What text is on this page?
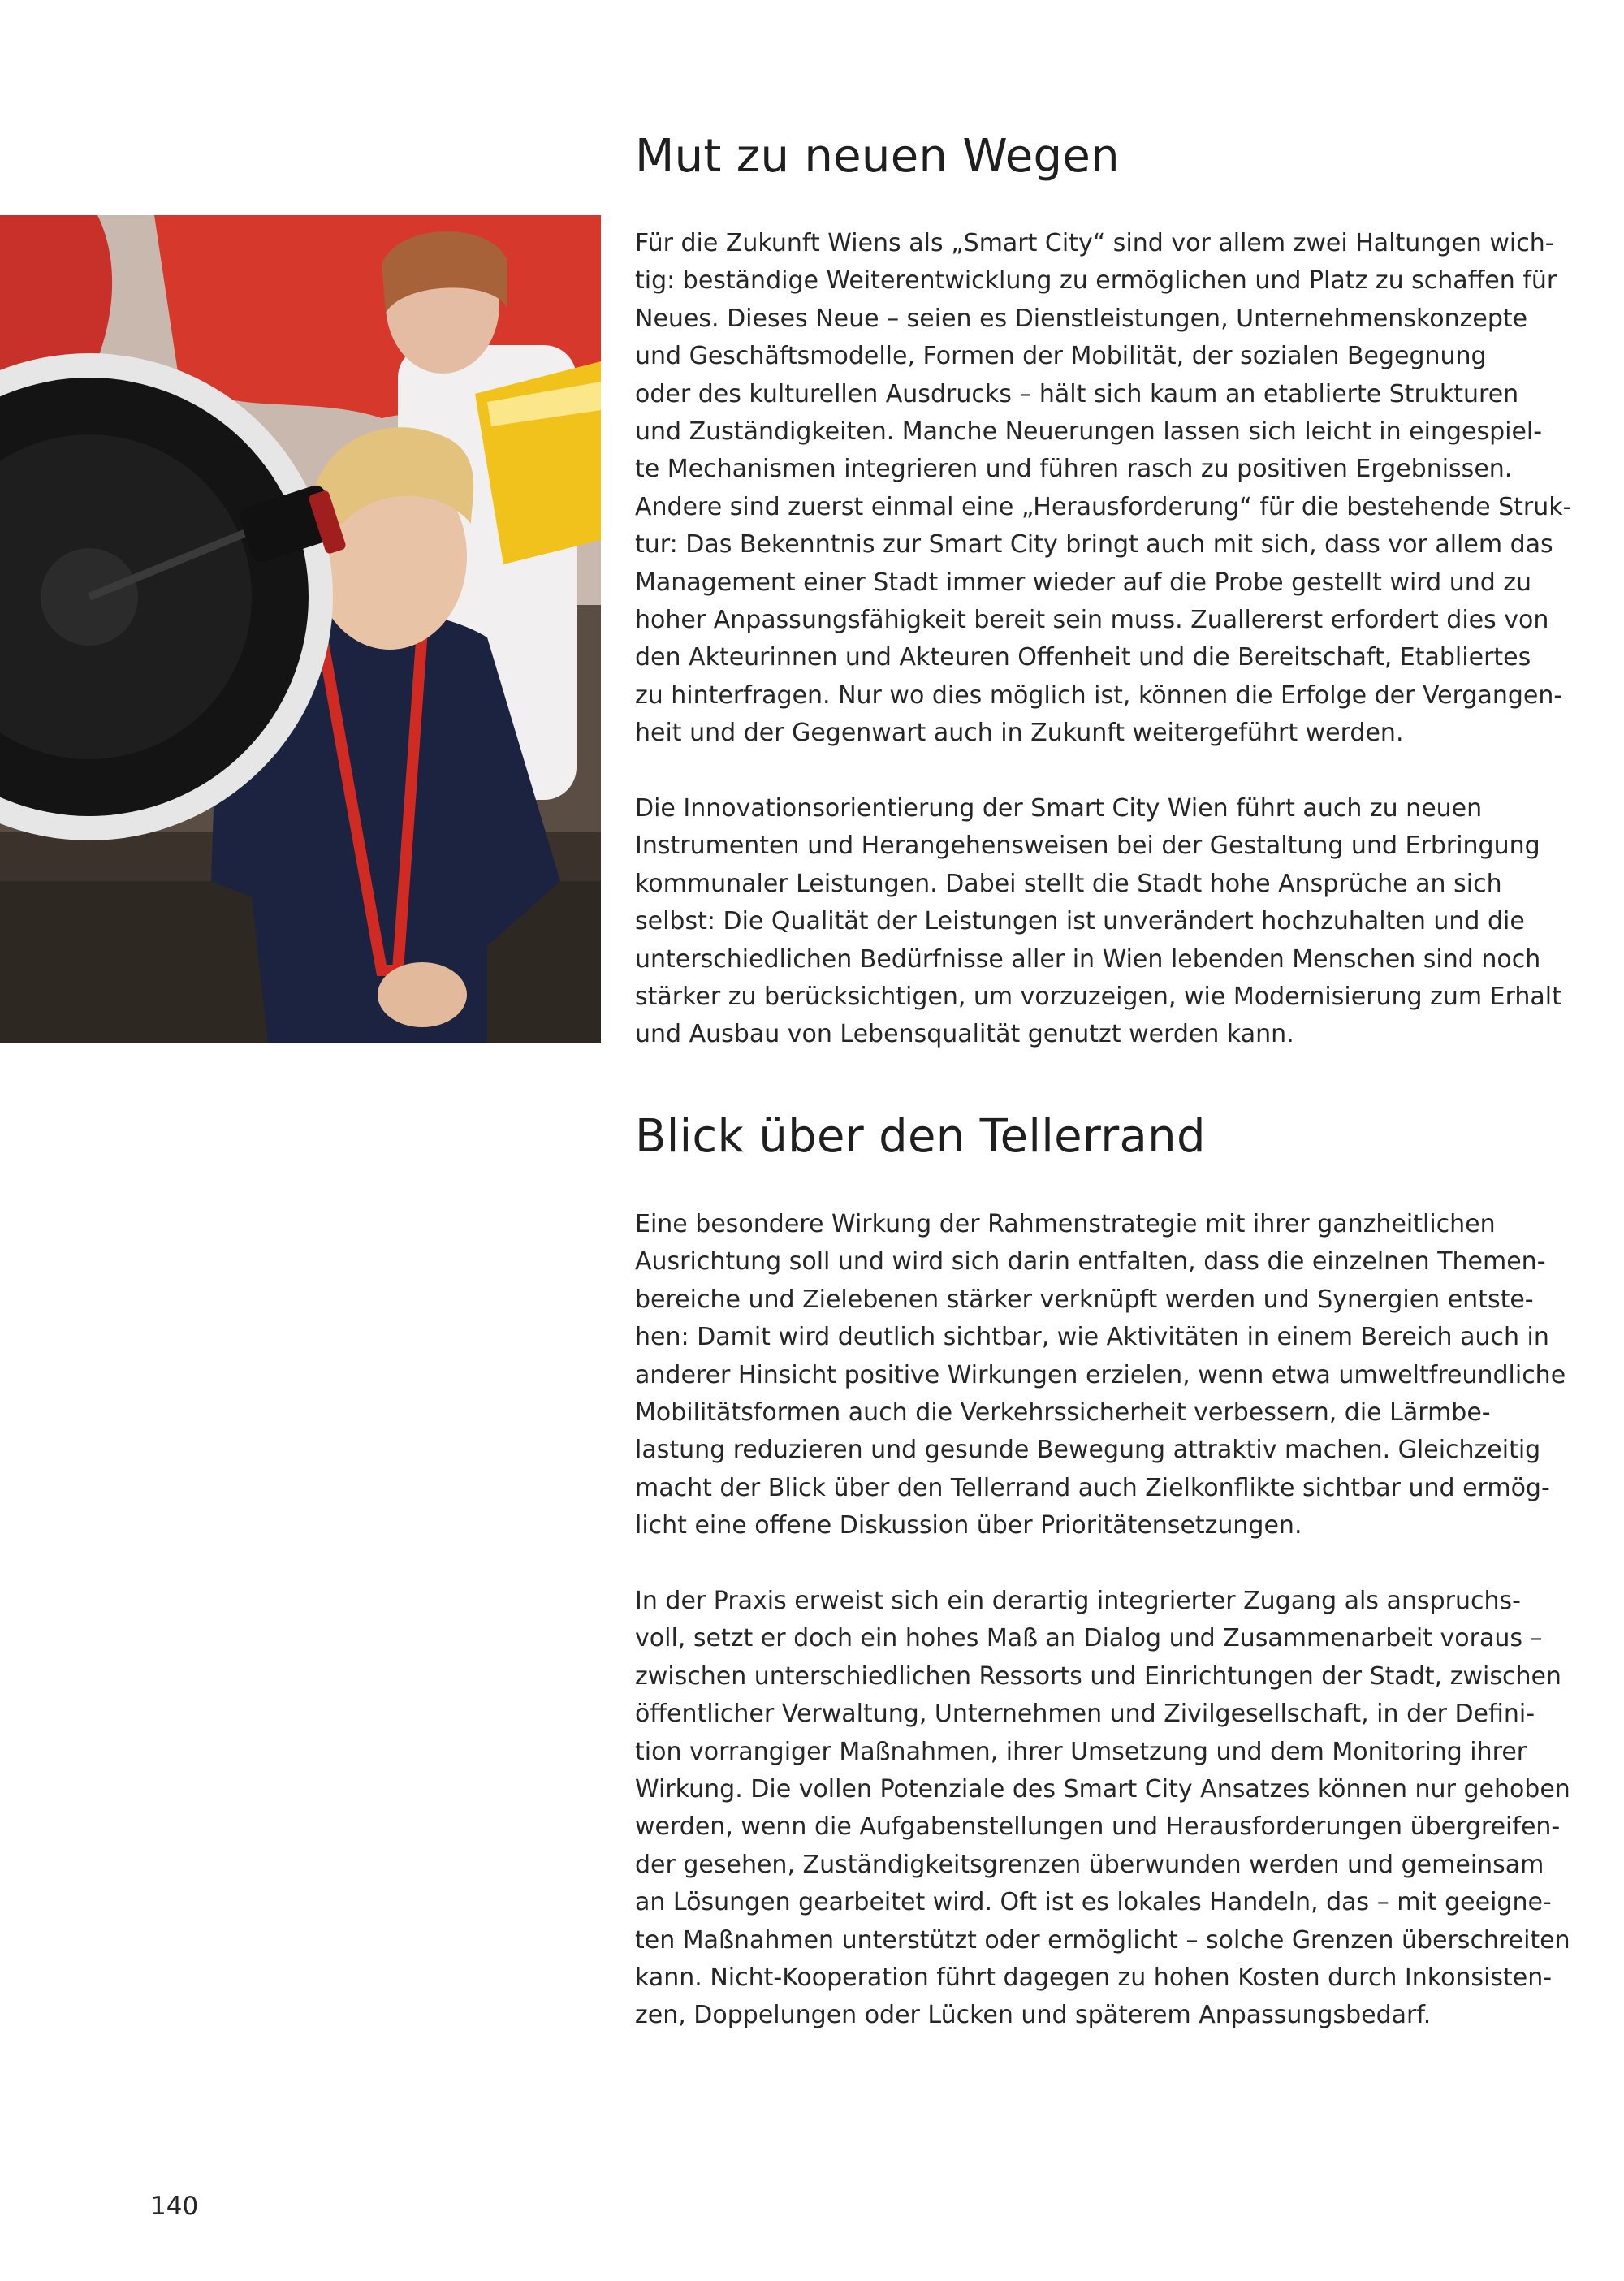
Mut zu neuen Wegen

Für die Zukunft Wiens als „Smart City“ sind vor allem zwei Haltungen wich-
tig: beständige Weiterentwicklung zu ermöglichen und Platz zu schaffen für
Neues. Dieses Neue – seien es Dienstleistungen, Unternehmenskonzepte
und Geschäftsmodelle, Formen der Mobilität, der sozialen Begegnung
oder des kulturellen Ausdrucks – hält sich kaum an etablierte Strukturen
und Zuständigkeiten. Manche Neuerungen lassen sich leicht in eingespiel-
te Mechanismen integrieren und führen rasch zu positiven Ergebnissen.
Andere sind zuerst einmal eine „Herausforderung“ für die bestehende Struk-
tur: Das Bekenntnis zur Smart City bringt auch mit sich, dass vor allem das
Management einer Stadt immer wieder auf die Probe gestellt wird und zu
hoher Anpassungsfähigkeit bereit sein muss. Zuallererst erfordert dies von
den Akteurinnen und Akteuren Offenheit und die Bereitschaft, Etabliertes
zu hinterfragen. Nur wo dies möglich ist, können die Erfolge der Vergangen-
heit und der Gegenwart auch in Zukunft weitergeführt werden.

Die Innovationsorientierung der Smart City Wien führt auch zu neuen
Instrumenten und Herangehensweisen bei der Gestaltung und Erbringung
kommunaler Leistungen. Dabei stellt die Stadt hohe Ansprüche an sich
selbst: Die Qualität der Leistungen ist unverändert hochzuhalten und die
unterschiedlichen Bedürfnisse aller in Wien lebenden Menschen sind noch
stärker zu berücksichtigen, um vorzuzeigen, wie Modernisierung zum Erhalt
und Ausbau von Lebensqualität genutzt werden kann.

Blick über den Tellerrand

Eine besondere Wirkung der Rahmenstrategie mit ihrer ganzheitlichen
Ausrichtung soll und wird sich darin entfalten, dass die einzelnen Themen-
bereiche und Zielebenen stärker verknüpft werden und Synergien entste-
hen: Damit wird deutlich sichtbar, wie Aktivitäten in einem Bereich auch in
anderer Hinsicht positive Wirkungen erzielen, wenn etwa umweltfreundliche
Mobilitätsformen auch die Verkehrssicherheit verbessern, die Lärmbe-
lastung reduzieren und gesunde Bewegung attraktiv machen. Gleichzeitig
macht der Blick über den Tellerrand auch Zielkonflikte sichtbar und ermög-
licht eine offene Diskussion über Prioritätensetzungen.

In der Praxis erweist sich ein derartig integrierter Zugang als anspruchs-
voll, setzt er doch ein hohes Maß an Dialog und Zusammenarbeit voraus –
zwischen unterschiedlichen Ressorts und Einrichtungen der Stadt, zwischen
öffentlicher Verwaltung, Unternehmen und Zivilgesellschaft, in der Defini-
tion vorrangiger Maßnahmen, ihrer Umsetzung und dem Monitoring ihrer
Wirkung. Die vollen Potenziale des Smart City Ansatzes können nur gehoben
werden, wenn die Aufgabenstellungen und Herausforderungen übergreifen-
der gesehen, Zuständigkeitsgrenzen überwunden werden und gemeinsam
an Lösungen gearbeitet wird. Oft ist es lokales Handeln, das – mit geeigne-
ten Maßnahmen unterstützt oder ermöglicht – solche Grenzen überschreiten
kann. Nicht-Kooperation führt dagegen zu hohen Kosten durch Inkonsisten-
zen, Doppelungen oder Lücken und späterem Anpassungsbedarf.

140
